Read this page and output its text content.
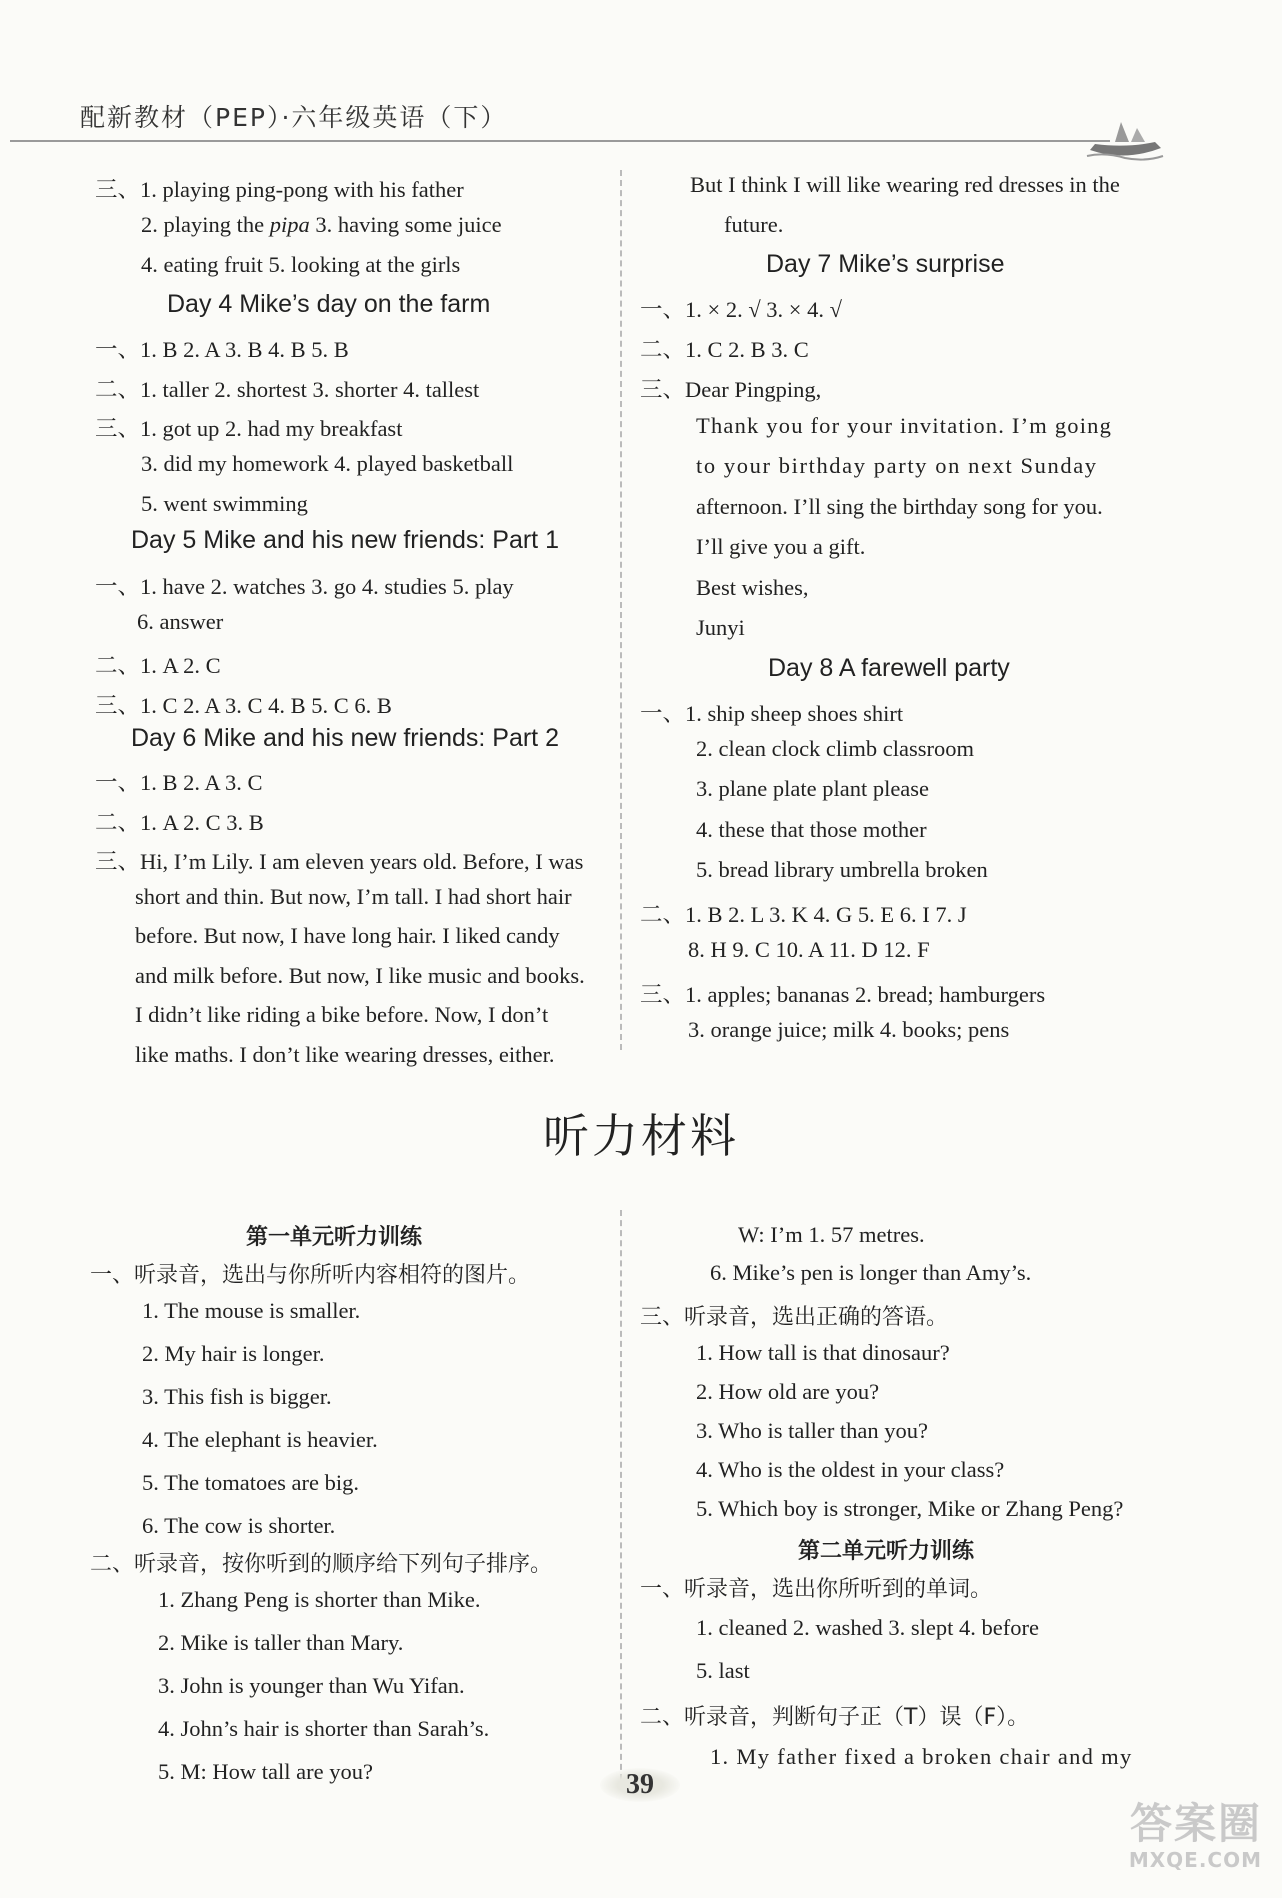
配新教材（PEP）·六年级英语（下）
三、1. playing ping-pong with his father
2. playing the pipa 3. having some juice
4. eating fruit 5. looking at the girls
Day 4 Mike’s day on the farm
一、1. B 2. A 3. B 4. B 5. B
二、1. taller 2. shortest 3. shorter 4. tallest
三、1. got up 2. had my breakfast
3. did my homework 4. played basketball
5. went swimming
Day 5 Mike and his new friends: Part 1
一、1. have 2. watches 3. go 4. studies 5. play
6. answer
二、1. A 2. C
三、1. C 2. A 3. C 4. B 5. C 6. B
Day 6 Mike and his new friends: Part 2
一、1. B 2. A 3. C
二、1. A 2. C 3. B
三、Hi, I’m Lily. I am eleven years old. Before, I was
short and thin. But now, I’m tall. I had short hair
before. But now, I have long hair. I liked candy
and milk before. But now, I like music and books.
I didn’t like riding a bike before. Now, I don’t
like maths. I don’t like wearing dresses, either.
But I think I will like wearing red dresses in the
future.
Day 7 Mike’s surprise
一、1. × 2. √ 3. × 4. √
二、1. C 2. B 3. C
三、Dear Pingping,
Thank you for your invitation. I’m going
to your birthday party on next Sunday
afternoon. I’ll sing the birthday song for you.
I’ll give you a gift.
Best wishes,
Junyi
Day 8 A farewell party
一、1. ship sheep shoes shirt
2. clean clock climb classroom
3. plane plate plant please
4. these that those mother
5. bread library umbrella broken
二、1. B 2. L 3. K 4. G 5. E 6. I 7. J
8. H 9. C 10. A 11. D 12. F
三、1. apples; bananas 2. bread; hamburgers
3. orange juice; milk 4. books; pens
听力材料
第一单元听力训练
一、听录音，选出与你所听内容相符的图片。
1. The mouse is smaller.
2. My hair is longer.
3. This fish is bigger.
4. The elephant is heavier.
5. The tomatoes are big.
6. The cow is shorter.
二、听录音，按你听到的顺序给下列句子排序。
1. Zhang Peng is shorter than Mike.
2. Mike is taller than Mary.
3. John is younger than Wu Yifan.
4. John’s hair is shorter than Sarah’s.
5. M: How tall are you?
W: I’m 1. 57 metres.
6. Mike’s pen is longer than Amy’s.
三、听录音，选出正确的答语。
1. How tall is that dinosaur?
2. How old are you?
3. Who is taller than you?
4. Who is the oldest in your class?
5. Which boy is stronger, Mike or Zhang Peng?
第二单元听力训练
一、听录音，选出你所听到的单词。
1. cleaned 2. washed 3. slept 4. before
5. last
二、听录音，判断句子正（T）误（F）。
1. My father fixed a broken chair and my
39
答案圈
MXQE.COM
